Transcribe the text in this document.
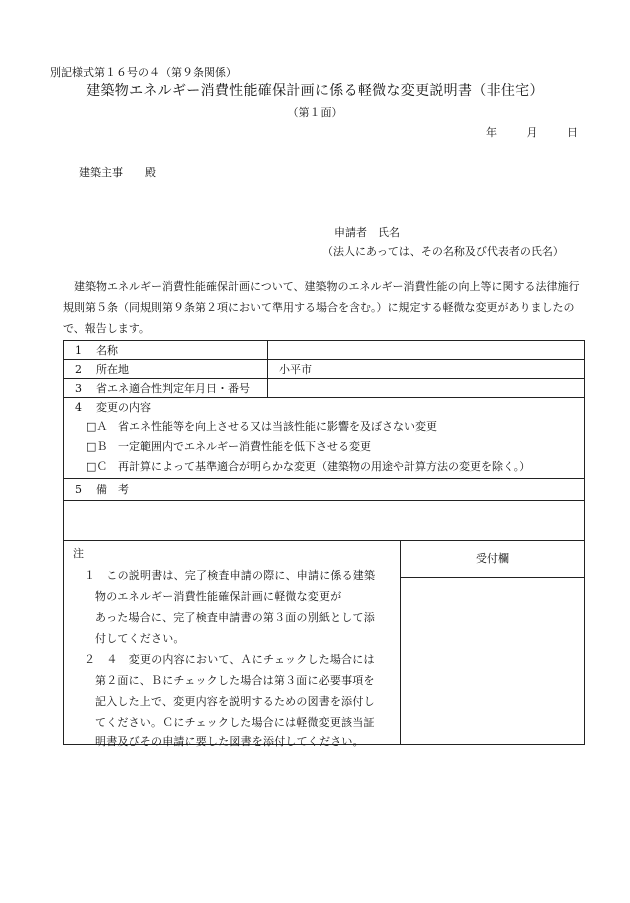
別記様式第１６号の４（第９条関係）
建築物エネルギー消費性能確保計画に係る軽微な変更説明書（非住宅）
（第１面）
年	月	日
建築主事　　殿
申請者　氏名
（法人にあっては、その名称及び代表者の氏名）
建築物エネルギー消費性能確保計画について、建築物のエネルギー消費性能の向上等に関する法律施行規則第５条（同規則第９条第２項において準用する場合を含む。）に規定する軽微な変更がありましたので、報告します。
1 名称
2 所在地	小平市
3 省エネ適合性判定年月日・番号
4 変更の内容
□Ａ 省エネ性能等を向上させる又は当該性能に影響を及ぼさない変更
□Ｂ 一定範囲内でエネルギー消費性能を低下させる変更
□Ｃ 再計算によって基準適合が明らかな変更（建築物の用途や計算方法の変更を除く。）
5 備　考
注
１　この説明書は、完了検査申請の際に、申請に係る建築
物のエネルギー消費性能確保計画に軽微な変更が
あった場合に、完了検査申請書の第３面の別紙として添
付してください。
２　４　変更の内容において、Ａにチェックした場合には
第２面に、Ｂにチェックした場合は第３面に必要事項を
記入した上で、変更内容を説明するための図書を添付し
てください。Ｃにチェックした場合には軽微変更該当証
明書及びその申請に要した図書を添付してください。
受付欄
